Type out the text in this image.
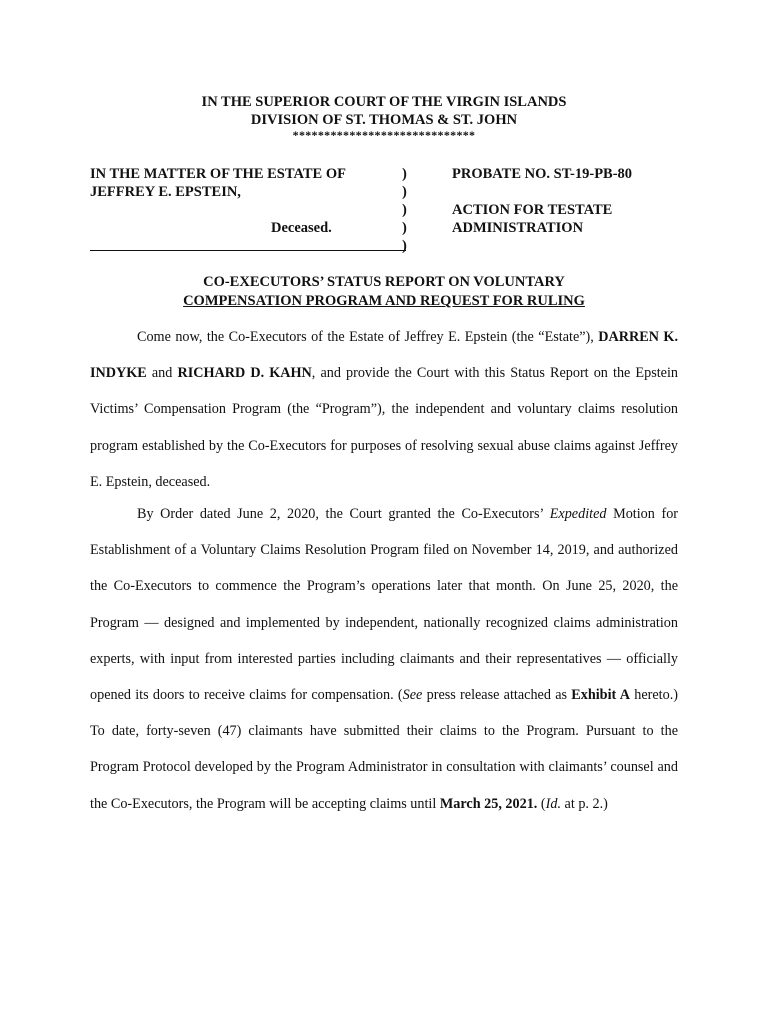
IN THE SUPERIOR COURT OF THE VIRGIN ISLANDS
DIVISION OF ST. THOMAS & ST. JOHN
*****************************
IN THE MATTER OF THE ESTATE OF
JEFFREY E. EPSTEIN,
Deceased.
)
)
)
)
)
PROBATE NO. ST-19-PB-80
ACTION FOR TESTATE
ADMINISTRATION
CO-EXECUTORS’ STATUS REPORT ON VOLUNTARY
COMPENSATION PROGRAM AND REQUEST FOR RULING

Come now, the Co-Executors of the Estate of Jeffrey E. Epstein (the “Estate”), DARREN K. INDYKE and RICHARD D. KAHN, and provide the Court with this Status Report on the Epstein Victims’ Compensation Program (the “Program”), the independent and voluntary claims resolution program established by the Co-Executors for purposes of resolving sexual abuse claims against Jeffrey E. Epstein, deceased.

By Order dated June 2, 2020, the Court granted the Co-Executors’ Expedited Motion for Establishment of a Voluntary Claims Resolution Program filed on November 14, 2019, and authorized the Co-Executors to commence the Program’s operations later that month. On June 25, 2020, the Program — designed and implemented by independent, nationally recognized claims administration experts, with input from interested parties including claimants and their representatives — officially opened its doors to receive claims for compensation. (See press release attached as Exhibit A hereto.) To date, forty-seven (47) claimants have submitted their claims to the Program. Pursuant to the Program Protocol developed by the Program Administrator in consultation with claimants’ counsel and the Co-Executors, the Program will be accepting claims until March 25, 2021. (Id. at p. 2.)
